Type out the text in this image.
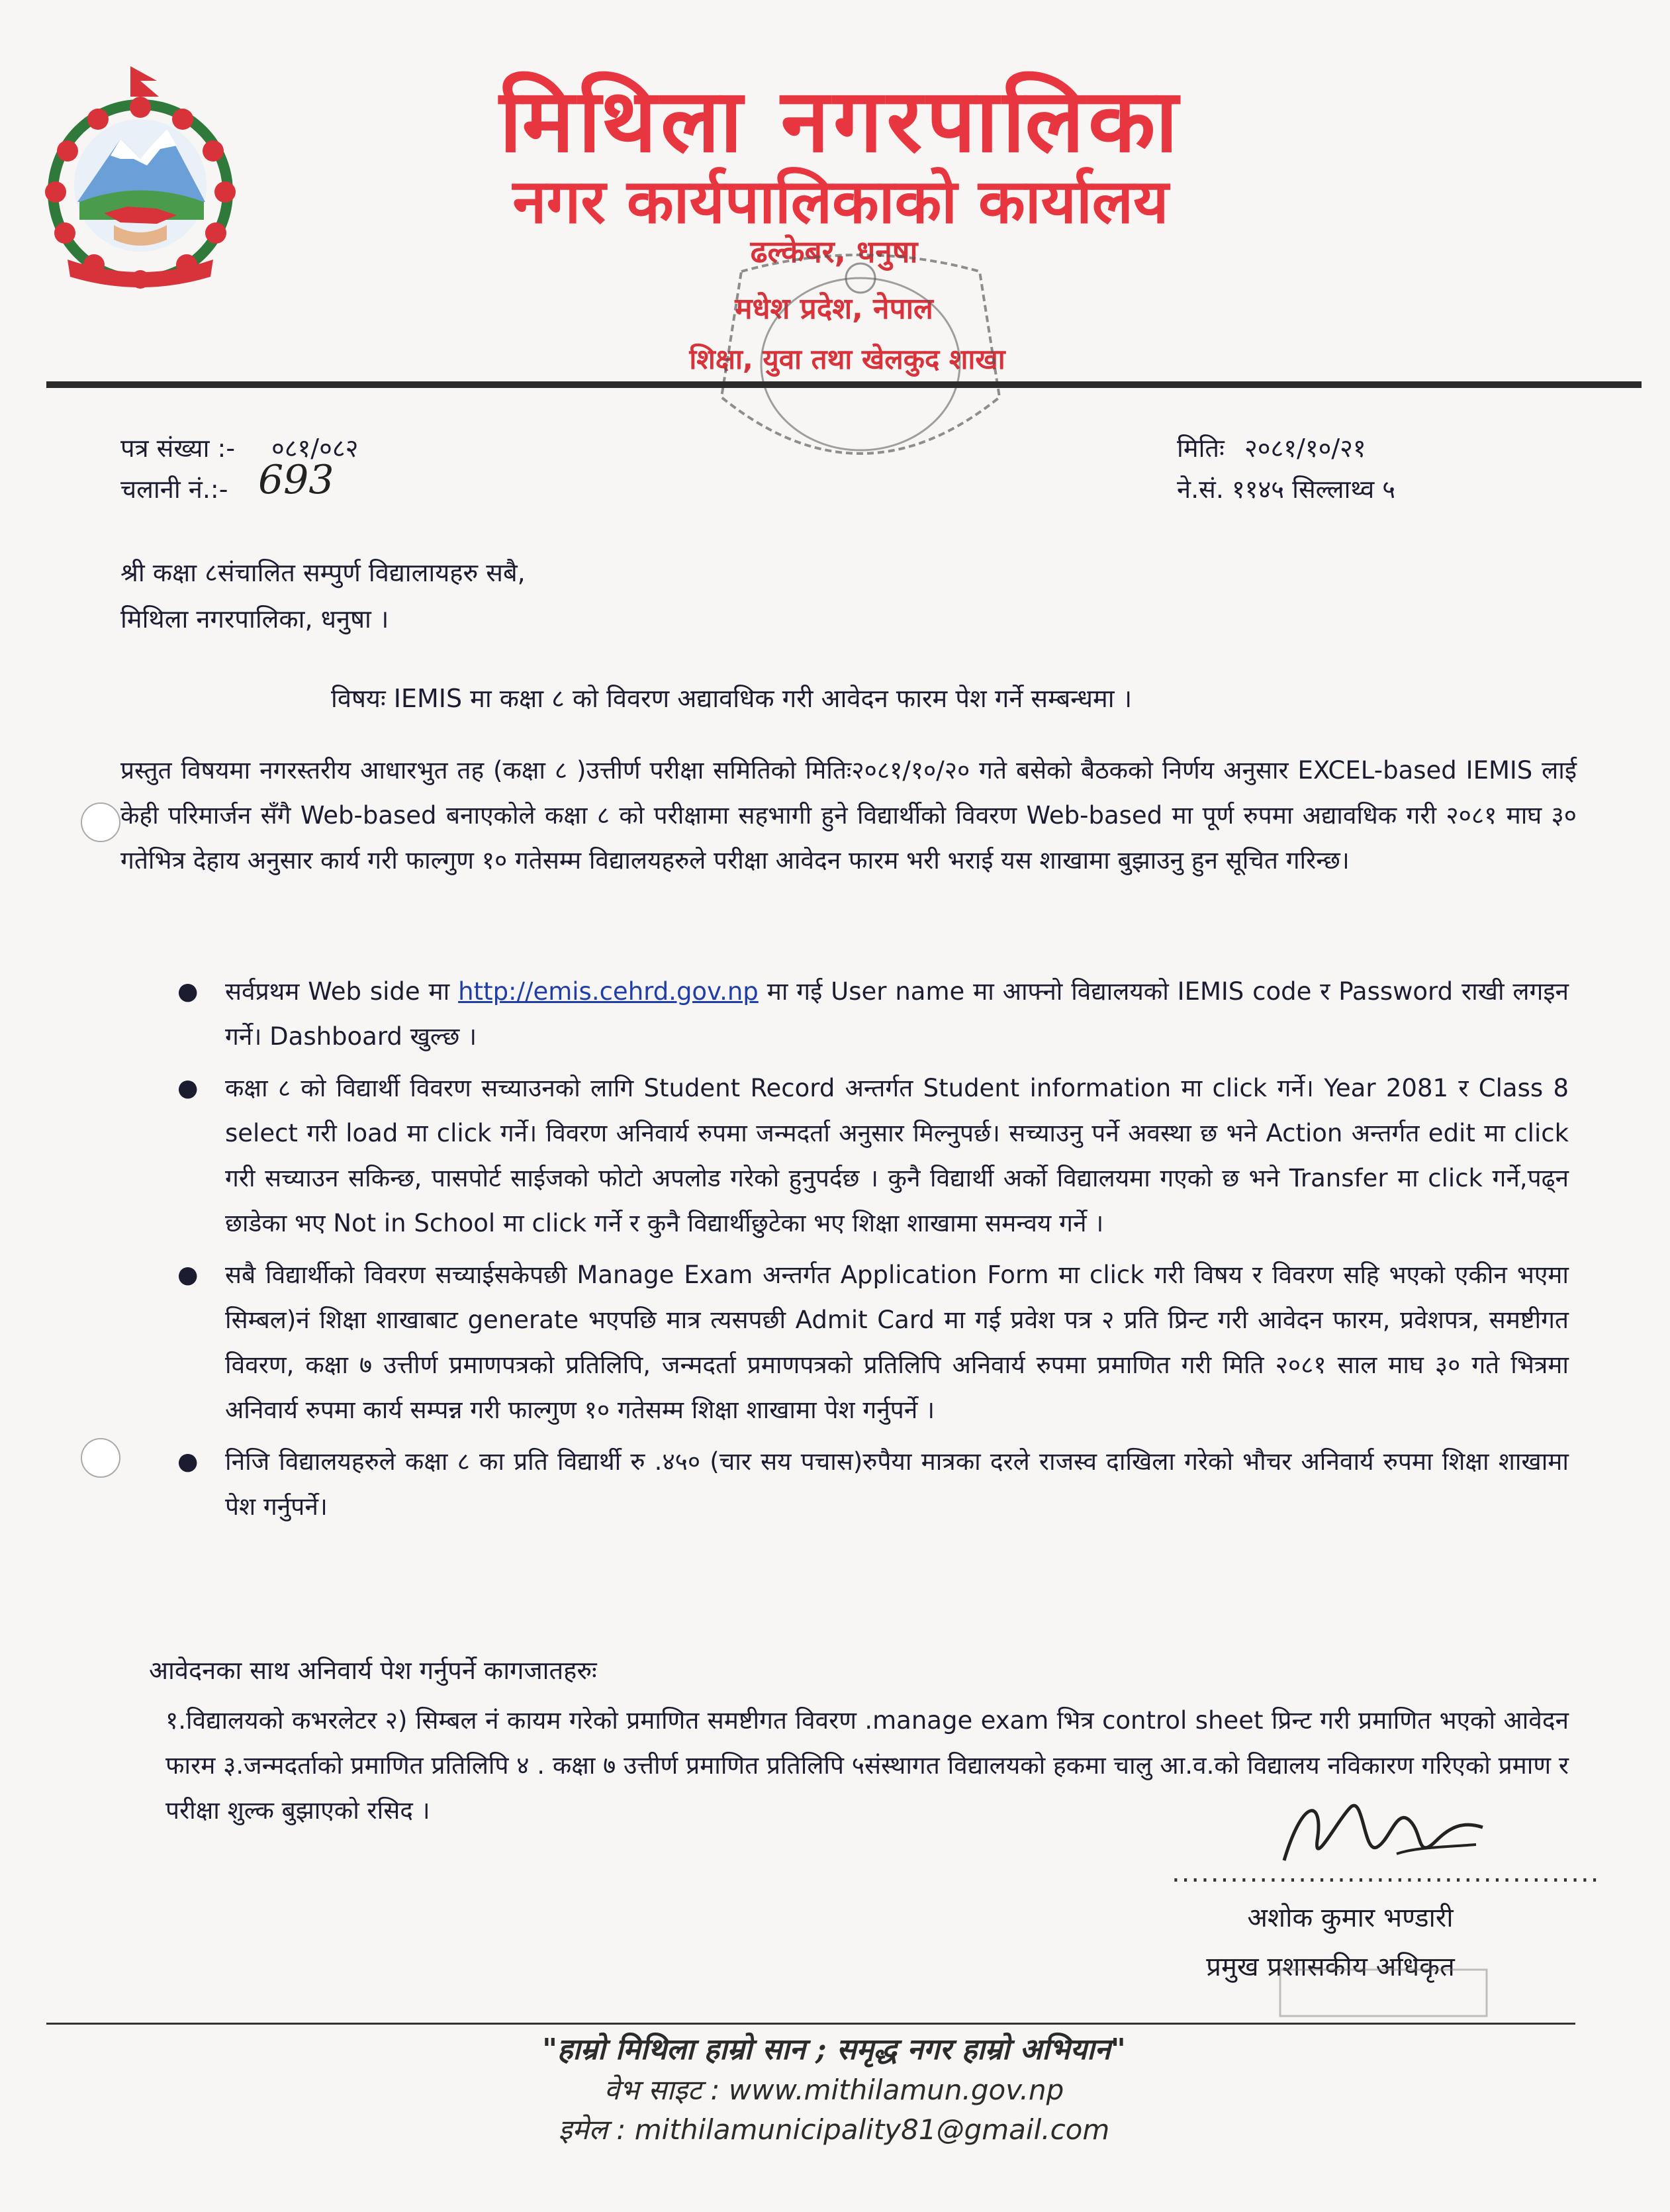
मिथिला नगरपालिका
नगर कार्यपालिकाको कार्यालय
ढल्केबर, धनुषा
मधेश प्रदेश, नेपाल
शिक्षा, युवा तथा खेलकुद शाखा
पत्र संख्या :- ०८१/०८२
चलानी नं.:- 693
मितिः २०८१/१०/२१
ने.सं. ११४५ सिल्लाथ्व ५
श्री कक्षा ८संचालित सम्पुर्ण विद्यालायहरु सबै,
मिथिला नगरपालिका, धनुषा ।
विषयः IEMIS मा कक्षा ८ को विवरण अद्यावधिक गरी आवेदन फारम पेश गर्ने सम्बन्धमा ।
प्रस्तुत विषयमा नगरस्तरीय आधारभुत तह (कक्षा ८ )उत्तीर्ण परीक्षा समितिको मितिः२०८१/१०/२० गते बसेको बैठकको निर्णय अनुसार EXCEL-based IEMIS लाई केही परिमार्जन सँगै Web-based बनाएकोले कक्षा ८ को परीक्षामा सहभागी हुने विद्यार्थीको विवरण Web-based मा पूर्ण रुपमा अद्यावधिक गरी २०८१ माघ ३० गतेभित्र देहाय अनुसार कार्य गरी फाल्गुण १० गतेसम्म विद्यालयहरुले परीक्षा आवेदन फारम भरी भराई यस शाखामा बुझाउनु हुन सूचित गरिन्छ।
● सर्वप्रथम Web side मा http://emis.cehrd.gov.np मा गई User name मा आफ्नो विद्यालयको IEMIS code र Password राखी लगइन गर्ने। Dashboard खुल्छ ।
● कक्षा ८ को विद्यार्थी विवरण सच्याउनको लागि Student Record अन्तर्गत Student information मा click गर्ने। Year 2081 र Class 8 select गरी load मा click गर्ने। विवरण अनिवार्य रुपमा जन्मदर्ता अनुसार मिल्नुपर्छ। सच्याउनु पर्ने अवस्था छ भने Action अन्तर्गत edit मा click गरी सच्याउन सकिन्छ, पासपोर्ट साईजको फोटो अपलोड गरेको हुनुपर्दछ । कुनै विद्यार्थी अर्को विद्यालयमा गएको छ भने Transfer मा click गर्ने,पढ्न छाडेका भए Not in School मा click गर्ने र कुनै विद्यार्थीछुटेका भए शिक्षा शाखामा समन्वय गर्ने ।
● सबै विद्यार्थीको विवरण सच्याईसकेपछी Manage Exam अन्तर्गत Application Form मा click गरी विषय र विवरण सहि भएको एकीन भएमा सिम्बल)नं शिक्षा शाखाबाट generate भएपछि मात्र त्यसपछी Admit Card मा गई प्रवेश पत्र २ प्रति प्रिन्ट गरी आवेदन फारम, प्रवेशपत्र, समष्टीगत विवरण, कक्षा ७ उत्तीर्ण प्रमाणपत्रको प्रतिलिपि, जन्मदर्ता प्रमाणपत्रको प्रतिलिपि अनिवार्य रुपमा प्रमाणित गरी मिति २०८१ साल माघ ३० गते भित्रमा अनिवार्य रुपमा कार्य सम्पन्न गरी फाल्गुण १० गतेसम्म शिक्षा शाखामा पेश गर्नुपर्ने ।
● निजि विद्यालयहरुले कक्षा ८ का प्रति विद्यार्थी रु .४५० (चार सय पचास)रुपैया मात्रका दरले राजस्व दाखिला गरेको भौचर अनिवार्य रुपमा शिक्षा शाखामा पेश गर्नुपर्ने।
आवेदनका साथ अनिवार्य पेश गर्नुपर्ने कागजातहरुः
१.विद्यालयको कभरलेटर २) सिम्बल नं कायम गरेको प्रमाणित समष्टीगत विवरण .manage exam भित्र control sheet प्रिन्ट गरी प्रमाणित भएको आवेदन फारम ३.जन्मदर्ताको प्रमाणित प्रतिलिपि ४ . कक्षा ७ उत्तीर्ण प्रमाणित प्रतिलिपि ५संस्थागत विद्यालयको हकमा चालु आ.व.को विद्यालय नविकारण गरिएको प्रमाण र परीक्षा शुल्क बुझाएको रसिद ।
............................................
अशोक कुमार भण्डारी
प्रमुख प्रशासकीय अधिकृत
"हाम्रो मिथिला हाम्रो सान ; समृद्ध नगर हाम्रो अभियान"
वेभ साइट : www.mithilamun.gov.np
इमेल : mithilamunicipality81@gmail.com
